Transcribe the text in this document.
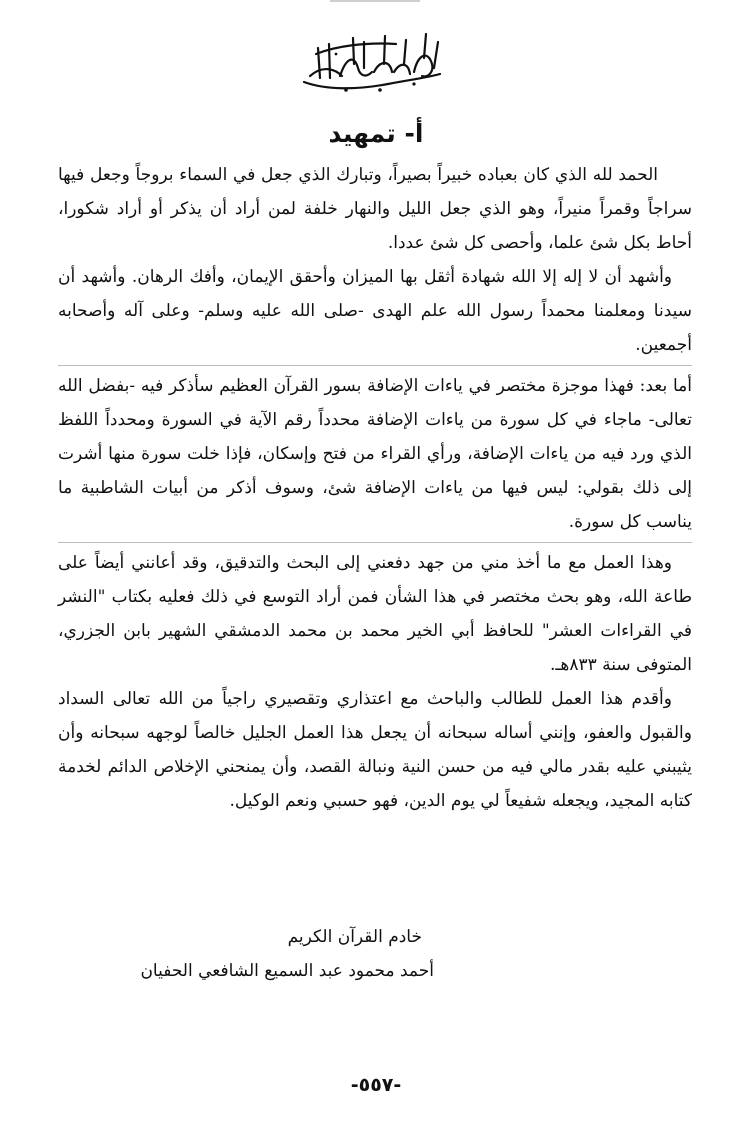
أ- تمهيد

الحمد لله الذي كان بعباده خبيراً بصيراً، وتبارك الذي جعل في السماء بروجاً وجعل فيها سراجاً وقمراً منيراً، وهو الذي جعل الليل والنهار خلفة لمن أراد أن يذكر أو أراد شكورا، أحاط بكل شئ علما، وأحصى كل شئ عددا.

وأشهد أن لا إله إلا الله شهادة أثقل بها الميزان وأحقق الإيمان، وأفك الرهان. وأشهد أن سيدنا ومعلمنا محمداً رسول الله علم الهدى -صلى الله عليه وسلم- وعلى آله وأصحابه أجمعين.

أما بعد: فهذا موجزة مختصر في ياءات الإضافة بسور القرآن العظيم سأذكر فيه -بفضل الله تعالى- ماجاء في كل سورة من ياءات الإضافة محدداً رقم الآية في السورة ومحدداً اللفظ الذي ورد فيه من ياءات الإضافة، ورأي القراء من فتح وإسكان، فإذا خلت سورة منها أشرت إلى ذلك بقولي: ليس فيها من ياءات الإضافة شئ، وسوف أذكر من أبيات الشاطبية ما يناسب كل سورة.

وهذا العمل مع ما أخذ مني من جهد دفعني إلى البحث والتدقيق، وقد أعانني أيضاً على طاعة الله، وهو بحث مختصر في هذا الشأن فمن أراد التوسع في ذلك فعليه بكتاب "النشر في القراءات العشر" للحافظ أبي الخير محمد بن محمد الدمشقي الشهير بابن الجزري، المتوفى سنة ٨٣٣هـ.

وأقدم هذا العمل للطالب والباحث مع اعتذاري وتقصيري راجياً من الله تعالى السداد والقبول والعفو، وإنني أساله سبحانه أن يجعل هذا العمل الجليل خالصاً لوجهه سبحانه وأن يثيبني عليه بقدر مالي فيه من حسن النية ونبالة القصد، وأن يمنحني الإخلاص الدائم لخدمة كتابه المجيد، ويجعله شفيعاً لي يوم الدين، فهو حسبي ونعم الوكيل.

خادم القرآن الكريم
أحمد محمود عبد السميع الشافعي الحفيان
-٥٥٧-
